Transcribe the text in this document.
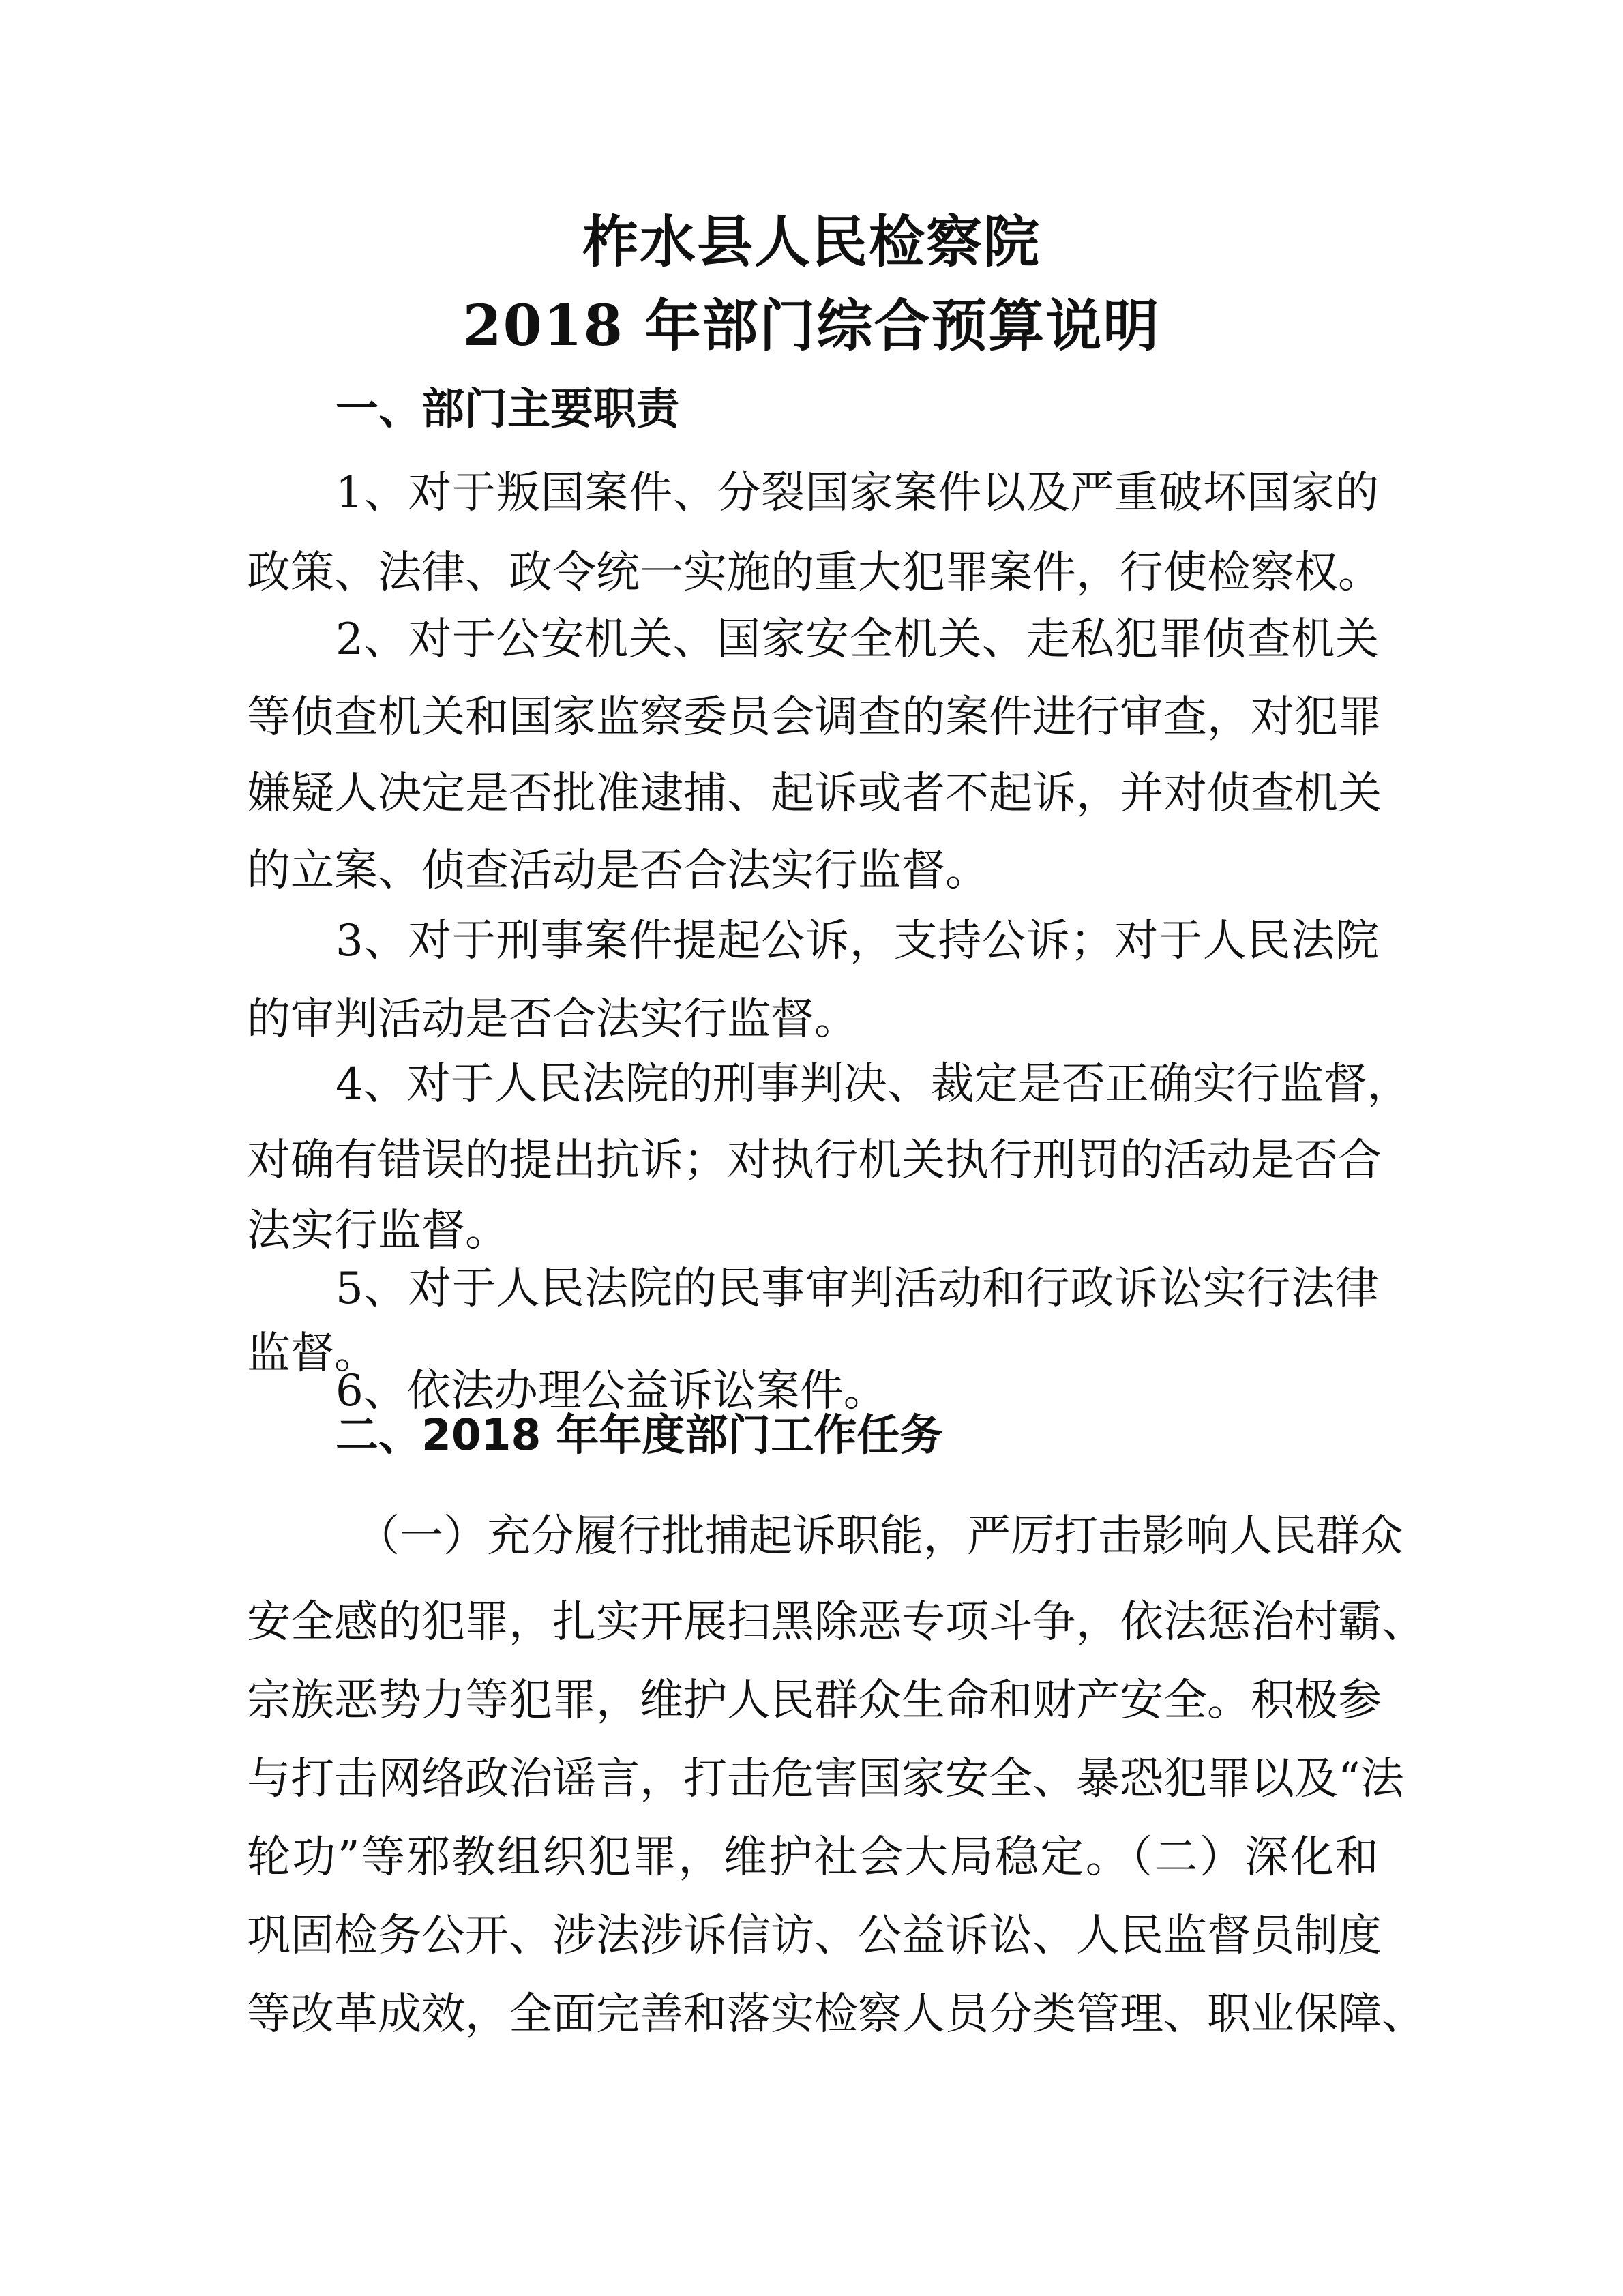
柞水县人民检察院
2018 年部门综合预算说明
一、部门主要职责
1、对于叛国案件、分裂国家案件以及严重破坏国家的
政策、法律、政令统一实施的重大犯罪案件，行使检察权。
2、对于公安机关、国家安全机关、走私犯罪侦查机关
等侦查机关和国家监察委员会调查的案件进行审查，对犯罪
嫌疑人决定是否批准逮捕、起诉或者不起诉，并对侦查机关
的立案、侦查活动是否合法实行监督。
3、对于刑事案件提起公诉，支持公诉；对于人民法院
的审判活动是否合法实行监督。
4、对于人民法院的刑事判决、裁定是否正确实行监督，
对确有错误的提出抗诉；对执行机关执行刑罚的活动是否合
法实行监督。
5、对于人民法院的民事审判活动和行政诉讼实行法律
监督。
6、依法办理公益诉讼案件。
二、2018 年年度部门工作任务
（一）充分履行批捕起诉职能，严厉打击影响人民群众
安全感的犯罪，扎实开展扫黑除恶专项斗争，依法惩治村霸、
宗族恶势力等犯罪，维护人民群众生命和财产安全。积极参
与打击网络政治谣言，打击危害国家安全、暴恐犯罪以及“法
轮功”等邪教组织犯罪，维护社会大局稳定。（二）深化和
巩固检务公开、涉法涉诉信访、公益诉讼、人民监督员制度
等改革成效，全面完善和落实检察人员分类管理、职业保障、
